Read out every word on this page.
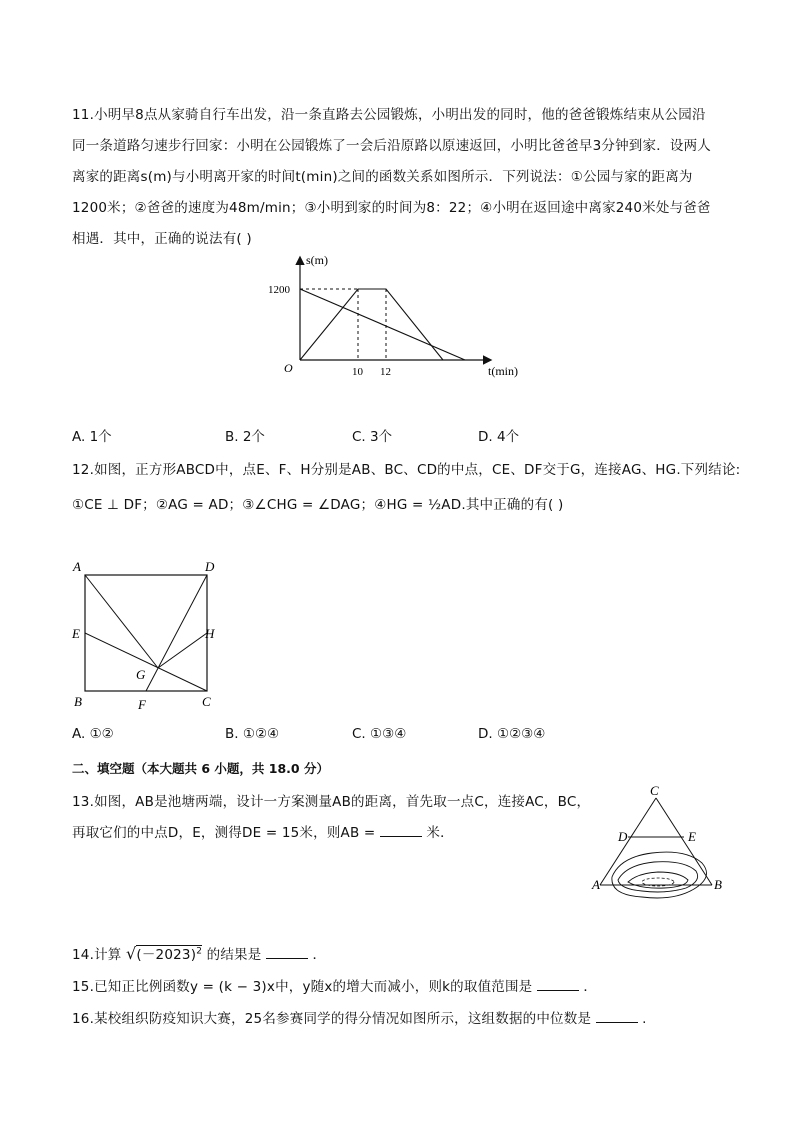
11.小明早8点从家骑自行车出发，沿一条直路去公园锻炼，小明出发的同时，他的爸爸锻炼结束从公园沿
同一条道路匀速步行回家：小明在公园锻炼了一会后沿原路以原速返回，小明比爸爸早3分钟到家．设两人
离家的距离s(m)与小明离开家的时间t(min)之间的函数关系如图所示．下列说法：①公园与家的距离为
1200米；②爸爸的速度为48m/min；③小明到家的时间为8：22；④小明在返回途中离家240米处与爸爸
相遇．其中，正确的说法有( )
s(m)
t(min)
O
1200
10 12
A. 1个	B. 2个	C. 3个	D. 4个
12.如图，正方形ABCD中，点E、F、H分别是AB、BC、CD的中点，CE、DF交于G，连接AG、HG.下列结论:
①CE ⊥ DF；②AG = AD；③∠CHG = ∠DAG；④HG = ½AD.其中正确的有( )
A	D
E	H
G
B	F	C
A. ①②	B. ①②④	C. ①③④	D. ①②③④
二、填空题（本大题共 6 小题，共 18.0 分）
13.如图，AB是池塘两端，设计一方案测量AB的距离，首先取一点C，连接AC，BC，
再取它们的中点D，E，测得DE = 15米，则AB =	米．
C
D	E
A	B
14.计算 $√(-2023)^2$ 的结果是	．
15.已知正比例函数y = (k − 3)x中，y随x的增大而减小，则k的取值范围是	．
16.某校组织防疫知识大赛，25名参赛同学的得分情况如图所示，这组数据的中位数是	.
